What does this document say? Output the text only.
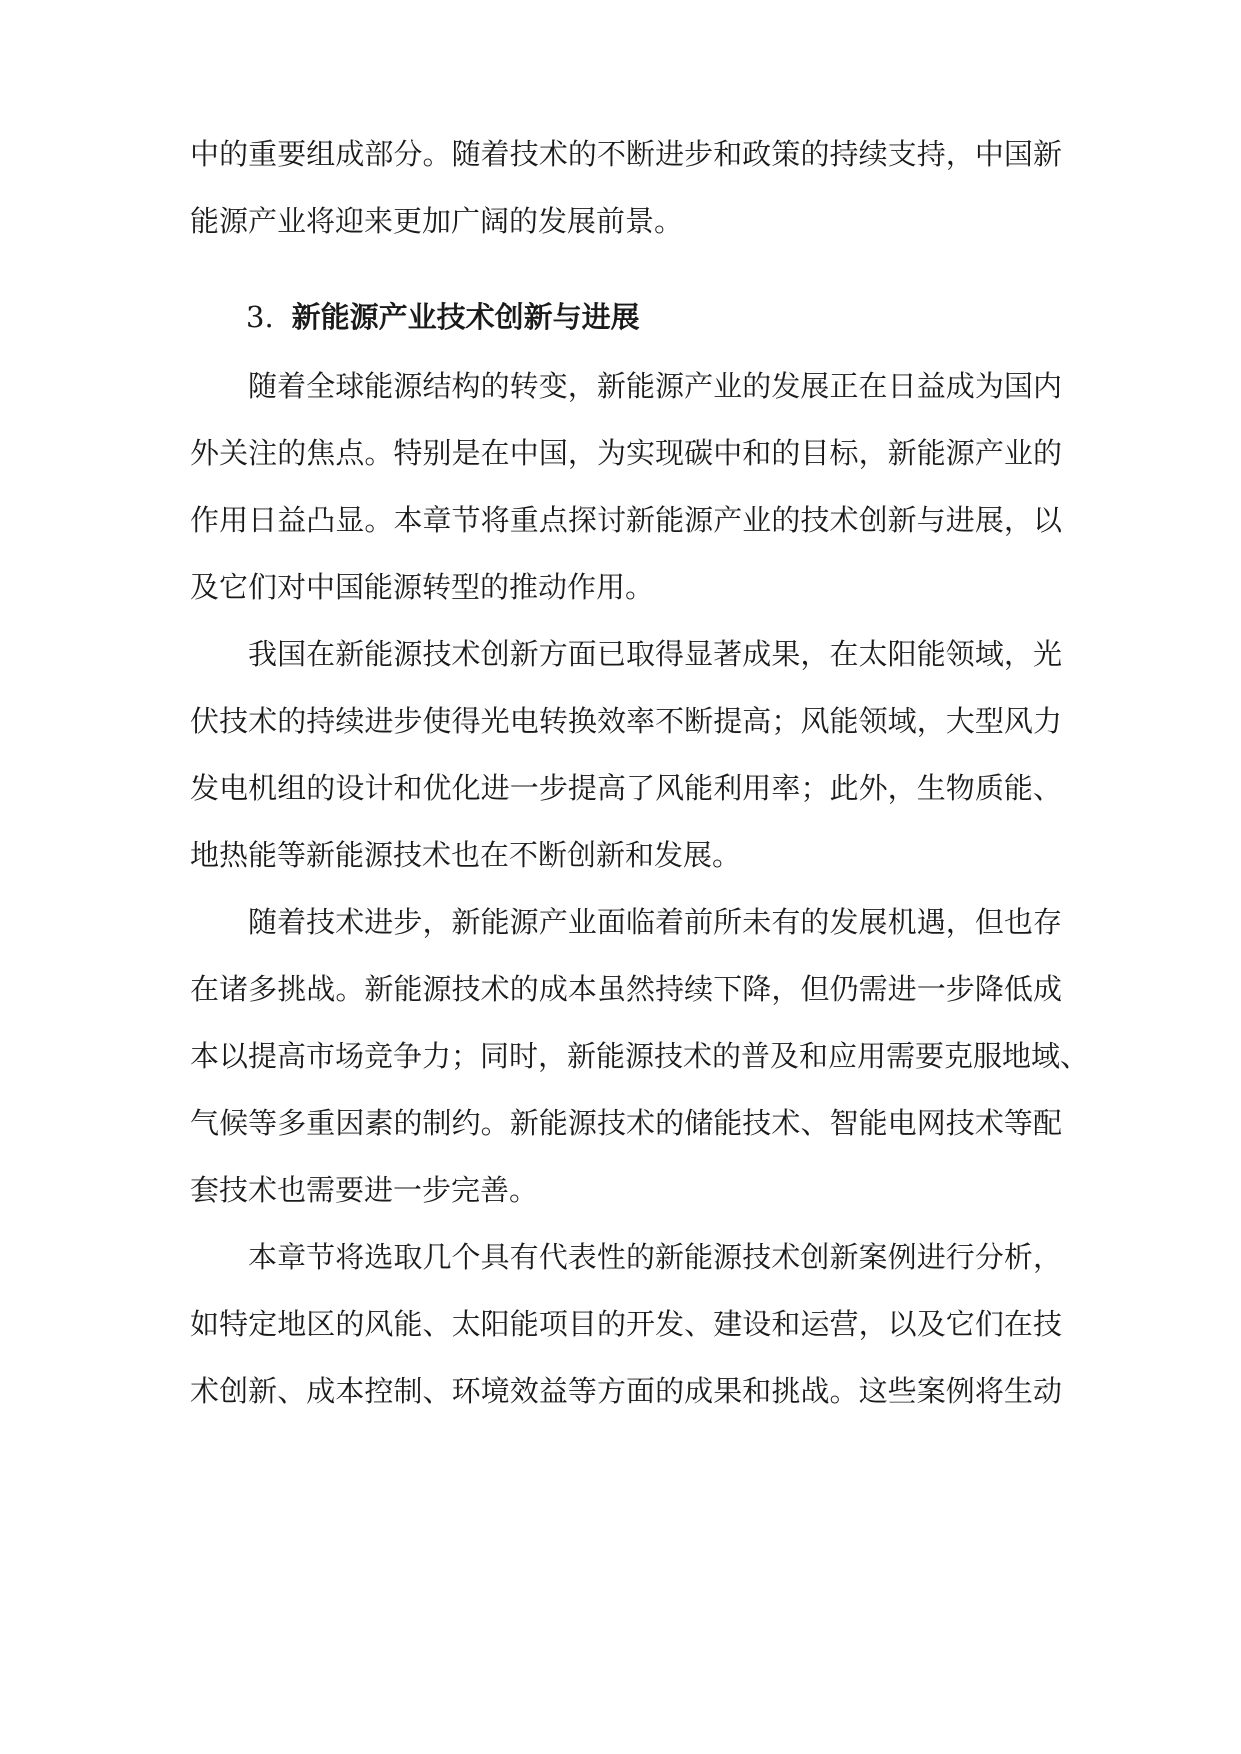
中的重要组成部分。随着技术的不断进步和政策的持续支持，中国新
能源产业将迎来更加广阔的发展前景。
3. 新能源产业技术创新与进展
随着全球能源结构的转变，新能源产业的发展正在日益成为国内
外关注的焦点。特别是在中国，为实现碳中和的目标，新能源产业的
作用日益凸显。本章节将重点探讨新能源产业的技术创新与进展，以
及它们对中国能源转型的推动作用。
我国在新能源技术创新方面已取得显著成果，在太阳能领域，光
伏技术的持续进步使得光电转换效率不断提高；风能领域，大型风力
发电机组的设计和优化进一步提高了风能利用率；此外，生物质能、
地热能等新能源技术也在不断创新和发展。
随着技术进步，新能源产业面临着前所未有的发展机遇，但也存
在诸多挑战。新能源技术的成本虽然持续下降，但仍需进一步降低成
本以提高市场竞争力；同时，新能源技术的普及和应用需要克服地域、
气候等多重因素的制约。新能源技术的储能技术、智能电网技术等配
套技术也需要进一步完善。
本章节将选取几个具有代表性的新能源技术创新案例进行分析，
如特定地区的风能、太阳能项目的开发、建设和运营，以及它们在技
术创新、成本控制、环境效益等方面的成果和挑战。这些案例将生动
